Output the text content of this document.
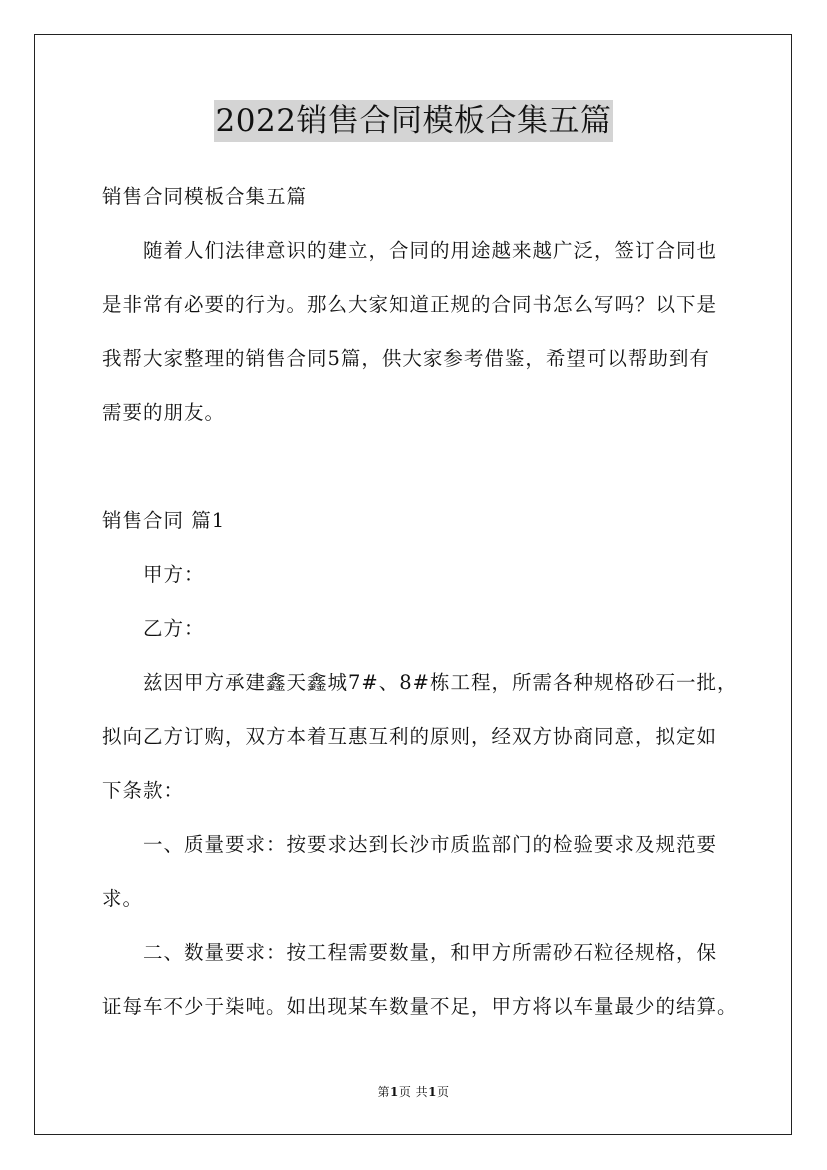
2022销售合同模板合集五篇
销售合同模板合集五篇
随着人们法律意识的建立，合同的用途越来越广泛，签订合同也
是非常有必要的行为。那么大家知道正规的合同书怎么写吗？以下是
我帮大家整理的销售合同5篇，供大家参考借鉴，希望可以帮助到有
需要的朋友。
销售合同 篇1
甲方：
乙方：
兹因甲方承建鑫天鑫城7#、8#栋工程，所需各种规格砂石一批，
拟向乙方订购，双方本着互惠互利的原则，经双方协商同意，拟定如
下条款：
一、质量要求：按要求达到长沙市质监部门的检验要求及规范要
求。
二、数量要求：按工程需要数量，和甲方所需砂石粒径规格，保
证每车不少于柒吨。如出现某车数量不足，甲方将以车量最少的结算。
第1页 共1页
